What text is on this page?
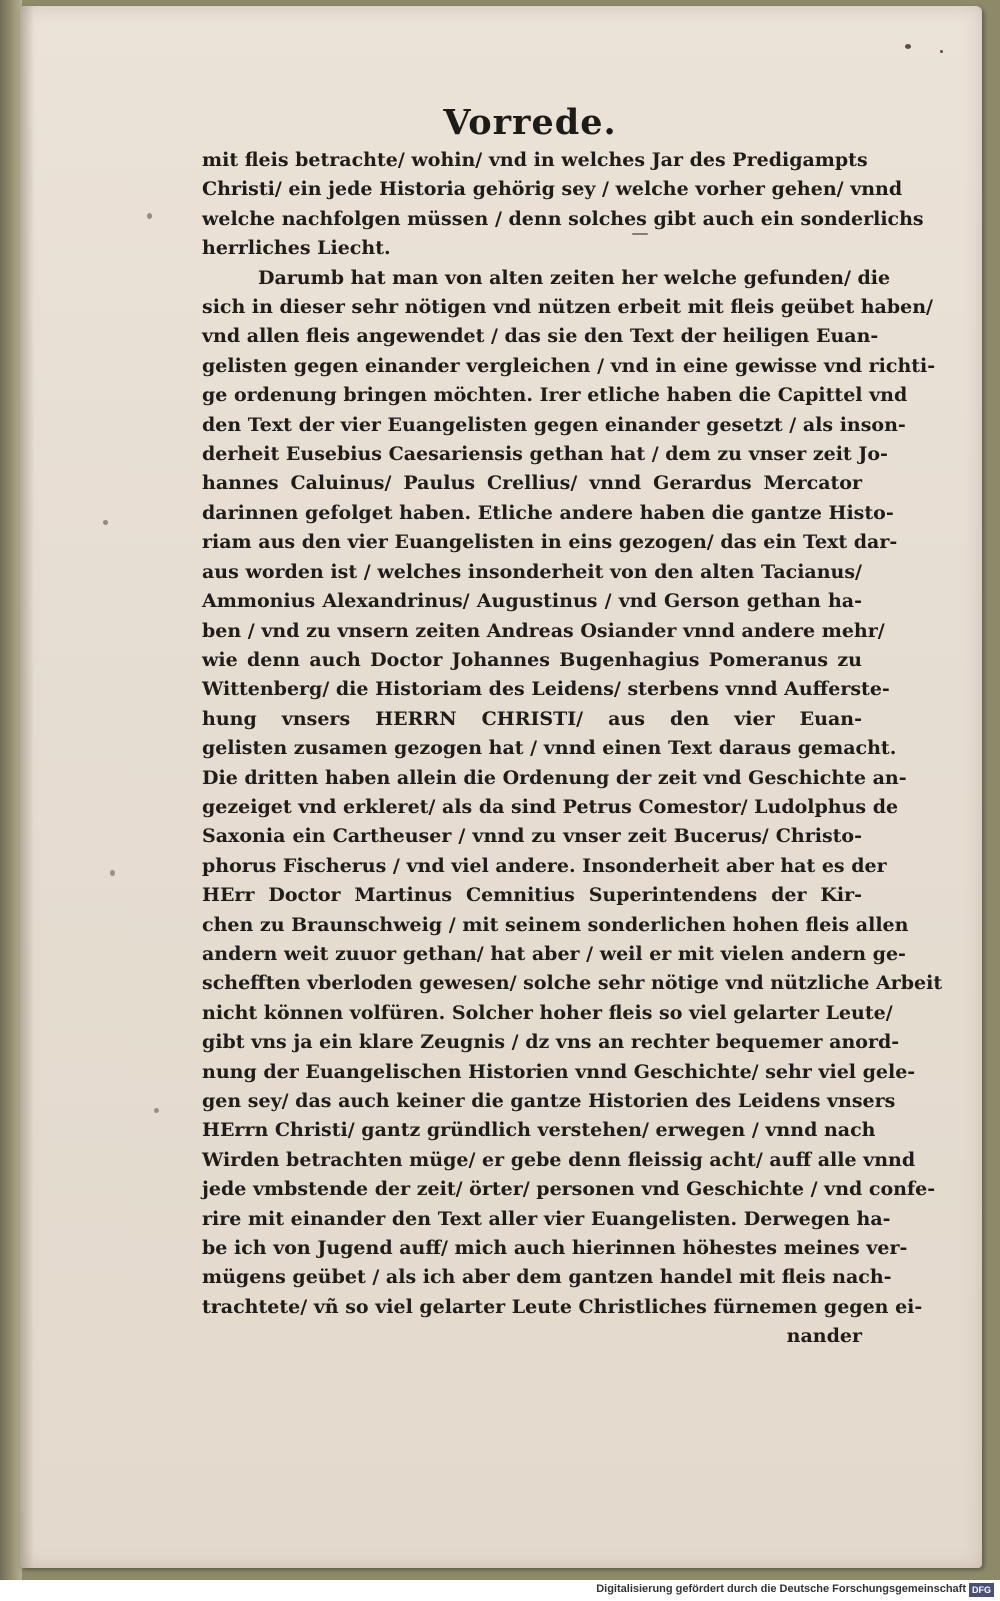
Vorrede.
mit fleis betrachte/ wohin/ vnd in welches Jar des Predigampts
Christi/ ein jede Historia gehörig sey / welche vorher gehen/ vnnd
welche nachfolgen müssen / denn solches gibt auch ein sonderlichs
herrliches Liecht.
Darumb hat man von alten zeiten her welche gefunden/ die
sich in dieser sehr nötigen vnd nützen erbeit mit fleis geübet haben/
vnd allen fleis angewendet / das sie den Text der heiligen Euan-
gelisten gegen einander vergleichen / vnd in eine gewisse vnd richti-
ge ordenung bringen möchten. Irer etliche haben die Capittel vnd
den Text der vier Euangelisten gegen einander gesetzt / als inson-
derheit Eusebius Caesariensis gethan hat / dem zu vnser zeit Jo-
hannes Caluinus/ Paulus Crellius/ vnnd Gerardus Mercator
darinnen gefolget haben. Etliche andere haben die gantze Histo-
riam aus den vier Euangelisten in eins gezogen/ das ein Text dar-
aus worden ist / welches insonderheit von den alten Tacianus/
Ammonius Alexandrinus/ Augustinus / vnd Gerson gethan ha-
ben / vnd zu vnsern zeiten Andreas Osiander vnnd andere mehr/
wie denn auch Doctor Johannes Bugenhagius Pomeranus zu
Wittenberg/ die Historiam des Leidens/ sterbens vnnd Aufferste-
hung vnsers HERRN CHRISTI/ aus den vier Euan-
gelisten zusamen gezogen hat / vnnd einen Text daraus gemacht.
Die dritten haben allein die Ordenung der zeit vnd Geschichte an-
gezeiget vnd erkleret/ als da sind Petrus Comestor/ Ludolphus de
Saxonia ein Cartheuser / vnnd zu vnser zeit Bucerus/ Christo-
phorus Fischerus / vnd viel andere. Insonderheit aber hat es der
HErr Doctor Martinus Cemnitius Superintendens der Kir-
chen zu Braunschweig / mit seinem sonderlichen hohen fleis allen
andern weit zuuor gethan/ hat aber / weil er mit vielen andern ge-
schefften vberloden gewesen/ solche sehr nötige vnd nützliche Arbeit
nicht können volfüren. Solcher hoher fleis so viel gelarter Leute/
gibt vns ja ein klare Zeugnis / dz vns an rechter bequemer anord-
nung der Euangelischen Historien vnnd Geschichte/ sehr viel gele-
gen sey/ das auch keiner die gantze Historien des Leidens vnsers
HErrn Christi/ gantz gründlich verstehen/ erwegen / vnnd nach
Wirden betrachten müge/ er gebe denn fleissig acht/ auff alle vnnd
jede vmbstende der zeit/ örter/ personen vnd Geschichte / vnd confe-
rire mit einander den Text aller vier Euangelisten. Derwegen ha-
be ich von Jugend auff/ mich auch hierinnen höhestes meines ver-
mügens geübet / als ich aber dem gantzen handel mit fleis nach-
trachtete/ vñ so viel gelarter Leute Christliches fürnemen gegen ei-
nander
Digitalisierung gefördert durch die Deutsche Forschungsgemeinschaft DFG
